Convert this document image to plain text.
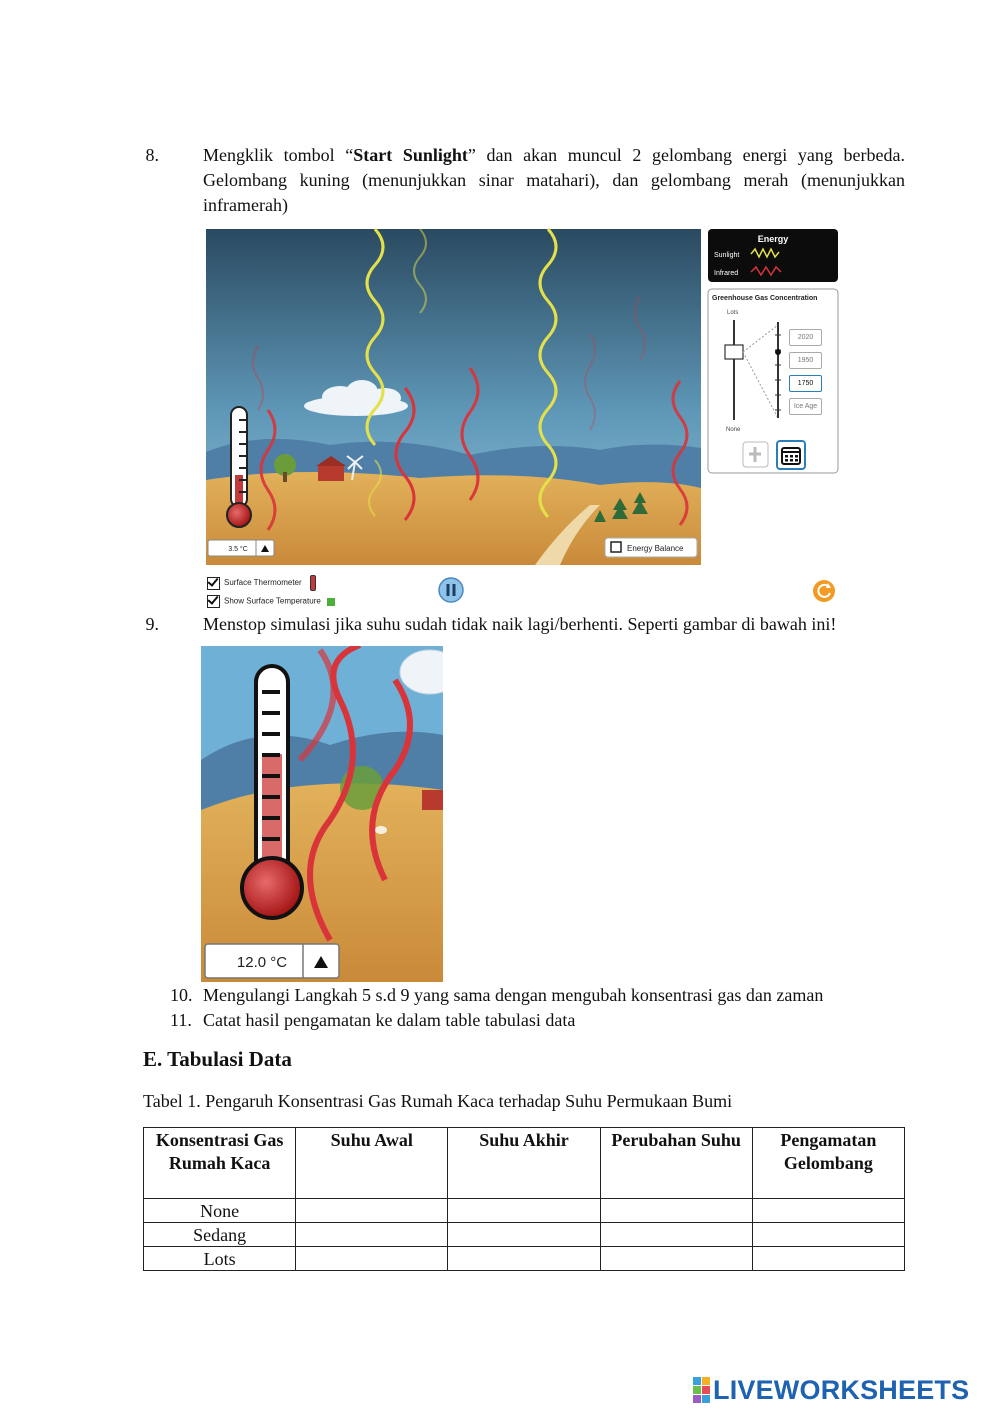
8. Mengklik tombol “Start Sunlight” dan akan muncul 2 gelombang energi yang berbeda. Gelombang kuning (menunjukkan sinar matahari), dan gelombang merah (menunjukkan inframerah)
3.5 °C	Energy Balance
Energy
Sunlight
Infrared
Greenhouse Gas Concentration
Lots
None
2020
1950
1750
Ice Age
Surface Thermometer
Show Surface Temperature
9. Menstop simulasi jika suhu sudah tidak naik lagi/berhenti. Seperti gambar di bawah ini!
12.0 °C
10. Mengulangi Langkah 5 s.d 9 yang sama dengan mengubah konsentrasi gas dan zaman
11. Catat hasil pengamatan ke dalam table tabulasi data
E. Tabulasi Data
Tabel 1. Pengaruh Konsentrasi Gas Rumah Kaca terhadap Suhu Permukaan Bumi
Konsentrasi Gas Rumah Kaca	Suhu Awal	Suhu Akhir	Perubahan Suhu	Pengamatan Gelombang
None				
Sedang				
Lots				
LIVEWORKSHEETS
